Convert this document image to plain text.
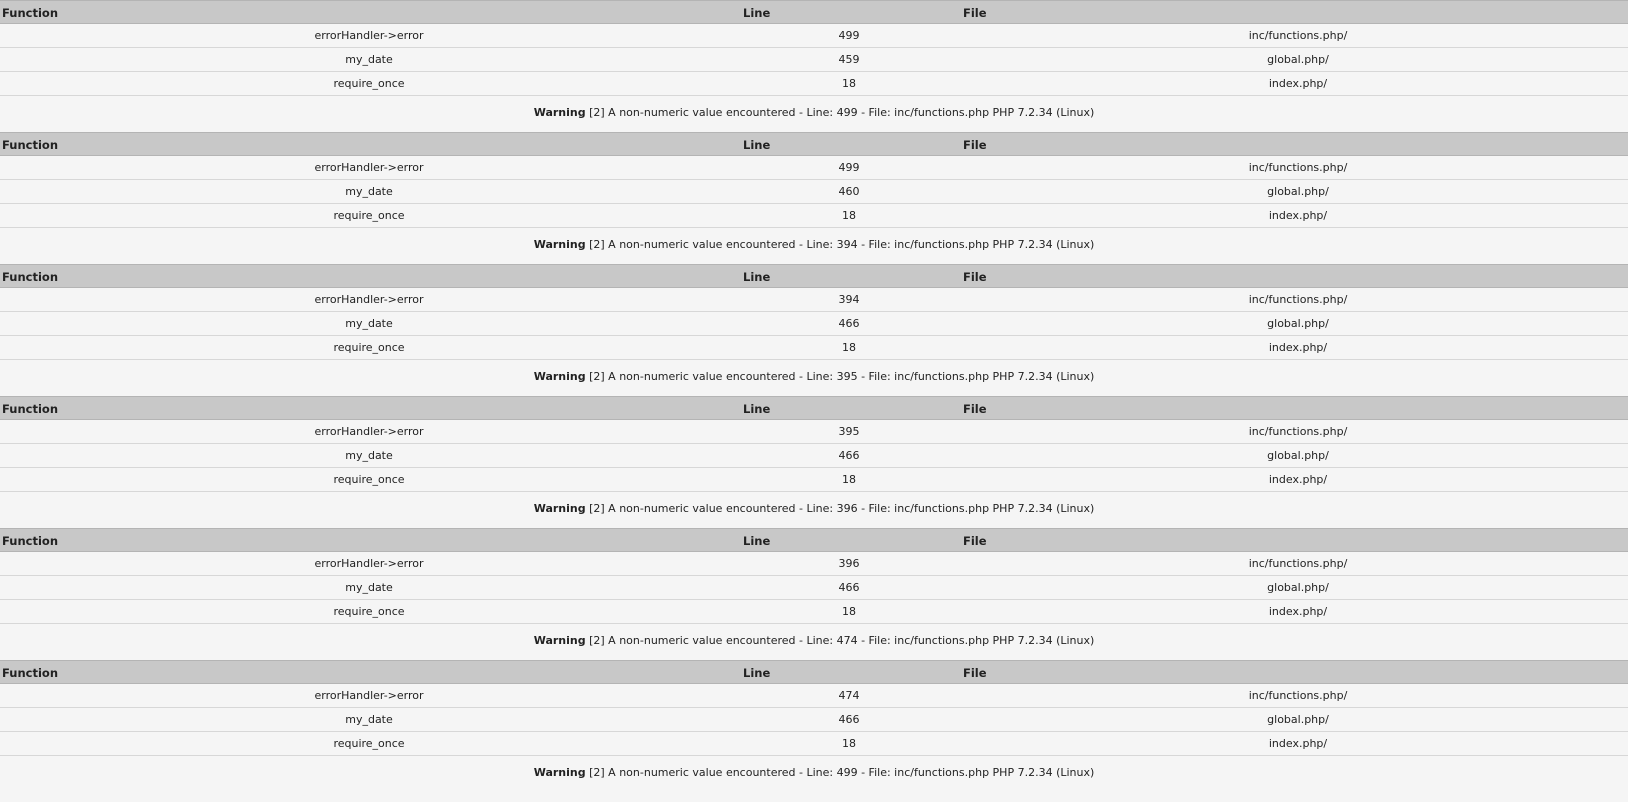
Function	Line	File
errorHandler->error	499	inc/functions.php/
my_date	459	global.php/
require_once	18	index.php/
Warning [2] A non-numeric value encountered - Line: 499 - File: inc/functions.php PHP 7.2.34 (Linux)
Function	Line	File
errorHandler->error	499	inc/functions.php/
my_date	460	global.php/
require_once	18	index.php/
Warning [2] A non-numeric value encountered - Line: 394 - File: inc/functions.php PHP 7.2.34 (Linux)
Function	Line	File
errorHandler->error	394	inc/functions.php/
my_date	466	global.php/
require_once	18	index.php/
Warning [2] A non-numeric value encountered - Line: 395 - File: inc/functions.php PHP 7.2.34 (Linux)
Function	Line	File
errorHandler->error	395	inc/functions.php/
my_date	466	global.php/
require_once	18	index.php/
Warning [2] A non-numeric value encountered - Line: 396 - File: inc/functions.php PHP 7.2.34 (Linux)
Function	Line	File
errorHandler->error	396	inc/functions.php/
my_date	466	global.php/
require_once	18	index.php/
Warning [2] A non-numeric value encountered - Line: 474 - File: inc/functions.php PHP 7.2.34 (Linux)
Function	Line	File
errorHandler->error	474	inc/functions.php/
my_date	466	global.php/
require_once	18	index.php/
Warning [2] A non-numeric value encountered - Line: 499 - File: inc/functions.php PHP 7.2.34 (Linux)
